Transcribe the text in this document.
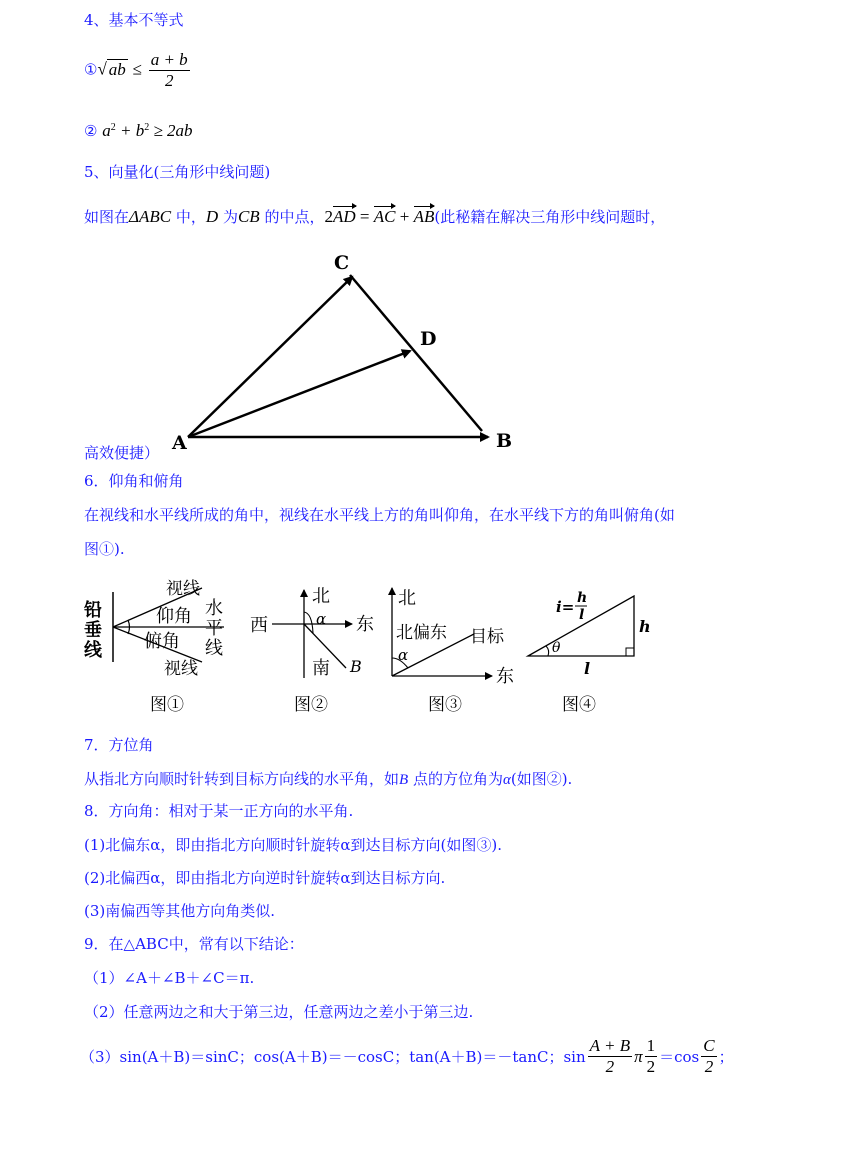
4、基本不等式
①√ ab ≤ $\frac{a + b}{2}$
② $a^2 + b^2 \ge 2ab$
5、向量化(三角形中线问题)
如图在ΔABC 中，D 为CB 的中点，2AD = AC + AB(此秘籍在解决三角形中线问题时，
C
D
A	B
高效便捷）
6．仰角和俯角
在视线和水平线所成的角中，视线在水平线上方的角叫仰角，在水平线下方的角叫俯角(如
图①).
铅
垂
线
视线
仰角
俯角
视线
水
平
线
图①
北
西	东
南
α
B
图②
北
北偏东 目标
α
东
图③
i= h
l
h
θ
l
图④
7．方位角
从指北方向顺时针转到目标方向线的水平角，如B 点的方位角为α(如图②).
8．方向角：相对于某一正方向的水平角.
(1)北偏东α，即由指北方向顺时针旋转α到达目标方向(如图③).
(2)北偏西α，即由指北方向逆时针旋转α到达目标方向.
(3)南偏西等其他方向角类似.
9．在△ABC中，常有以下结论：
（1）∠A＋∠B＋∠C＝π.
（2）任意两边之和大于第三边，任意两边之差小于第三边.
（3）sin(A＋B)＝sinC；cos(A＋B)＝－cosC；tan(A＋B)＝－tanC；$\sin \frac{A + B}{2}$ π $\frac{1}{2} =\cos \frac{C}{2}$ ；
